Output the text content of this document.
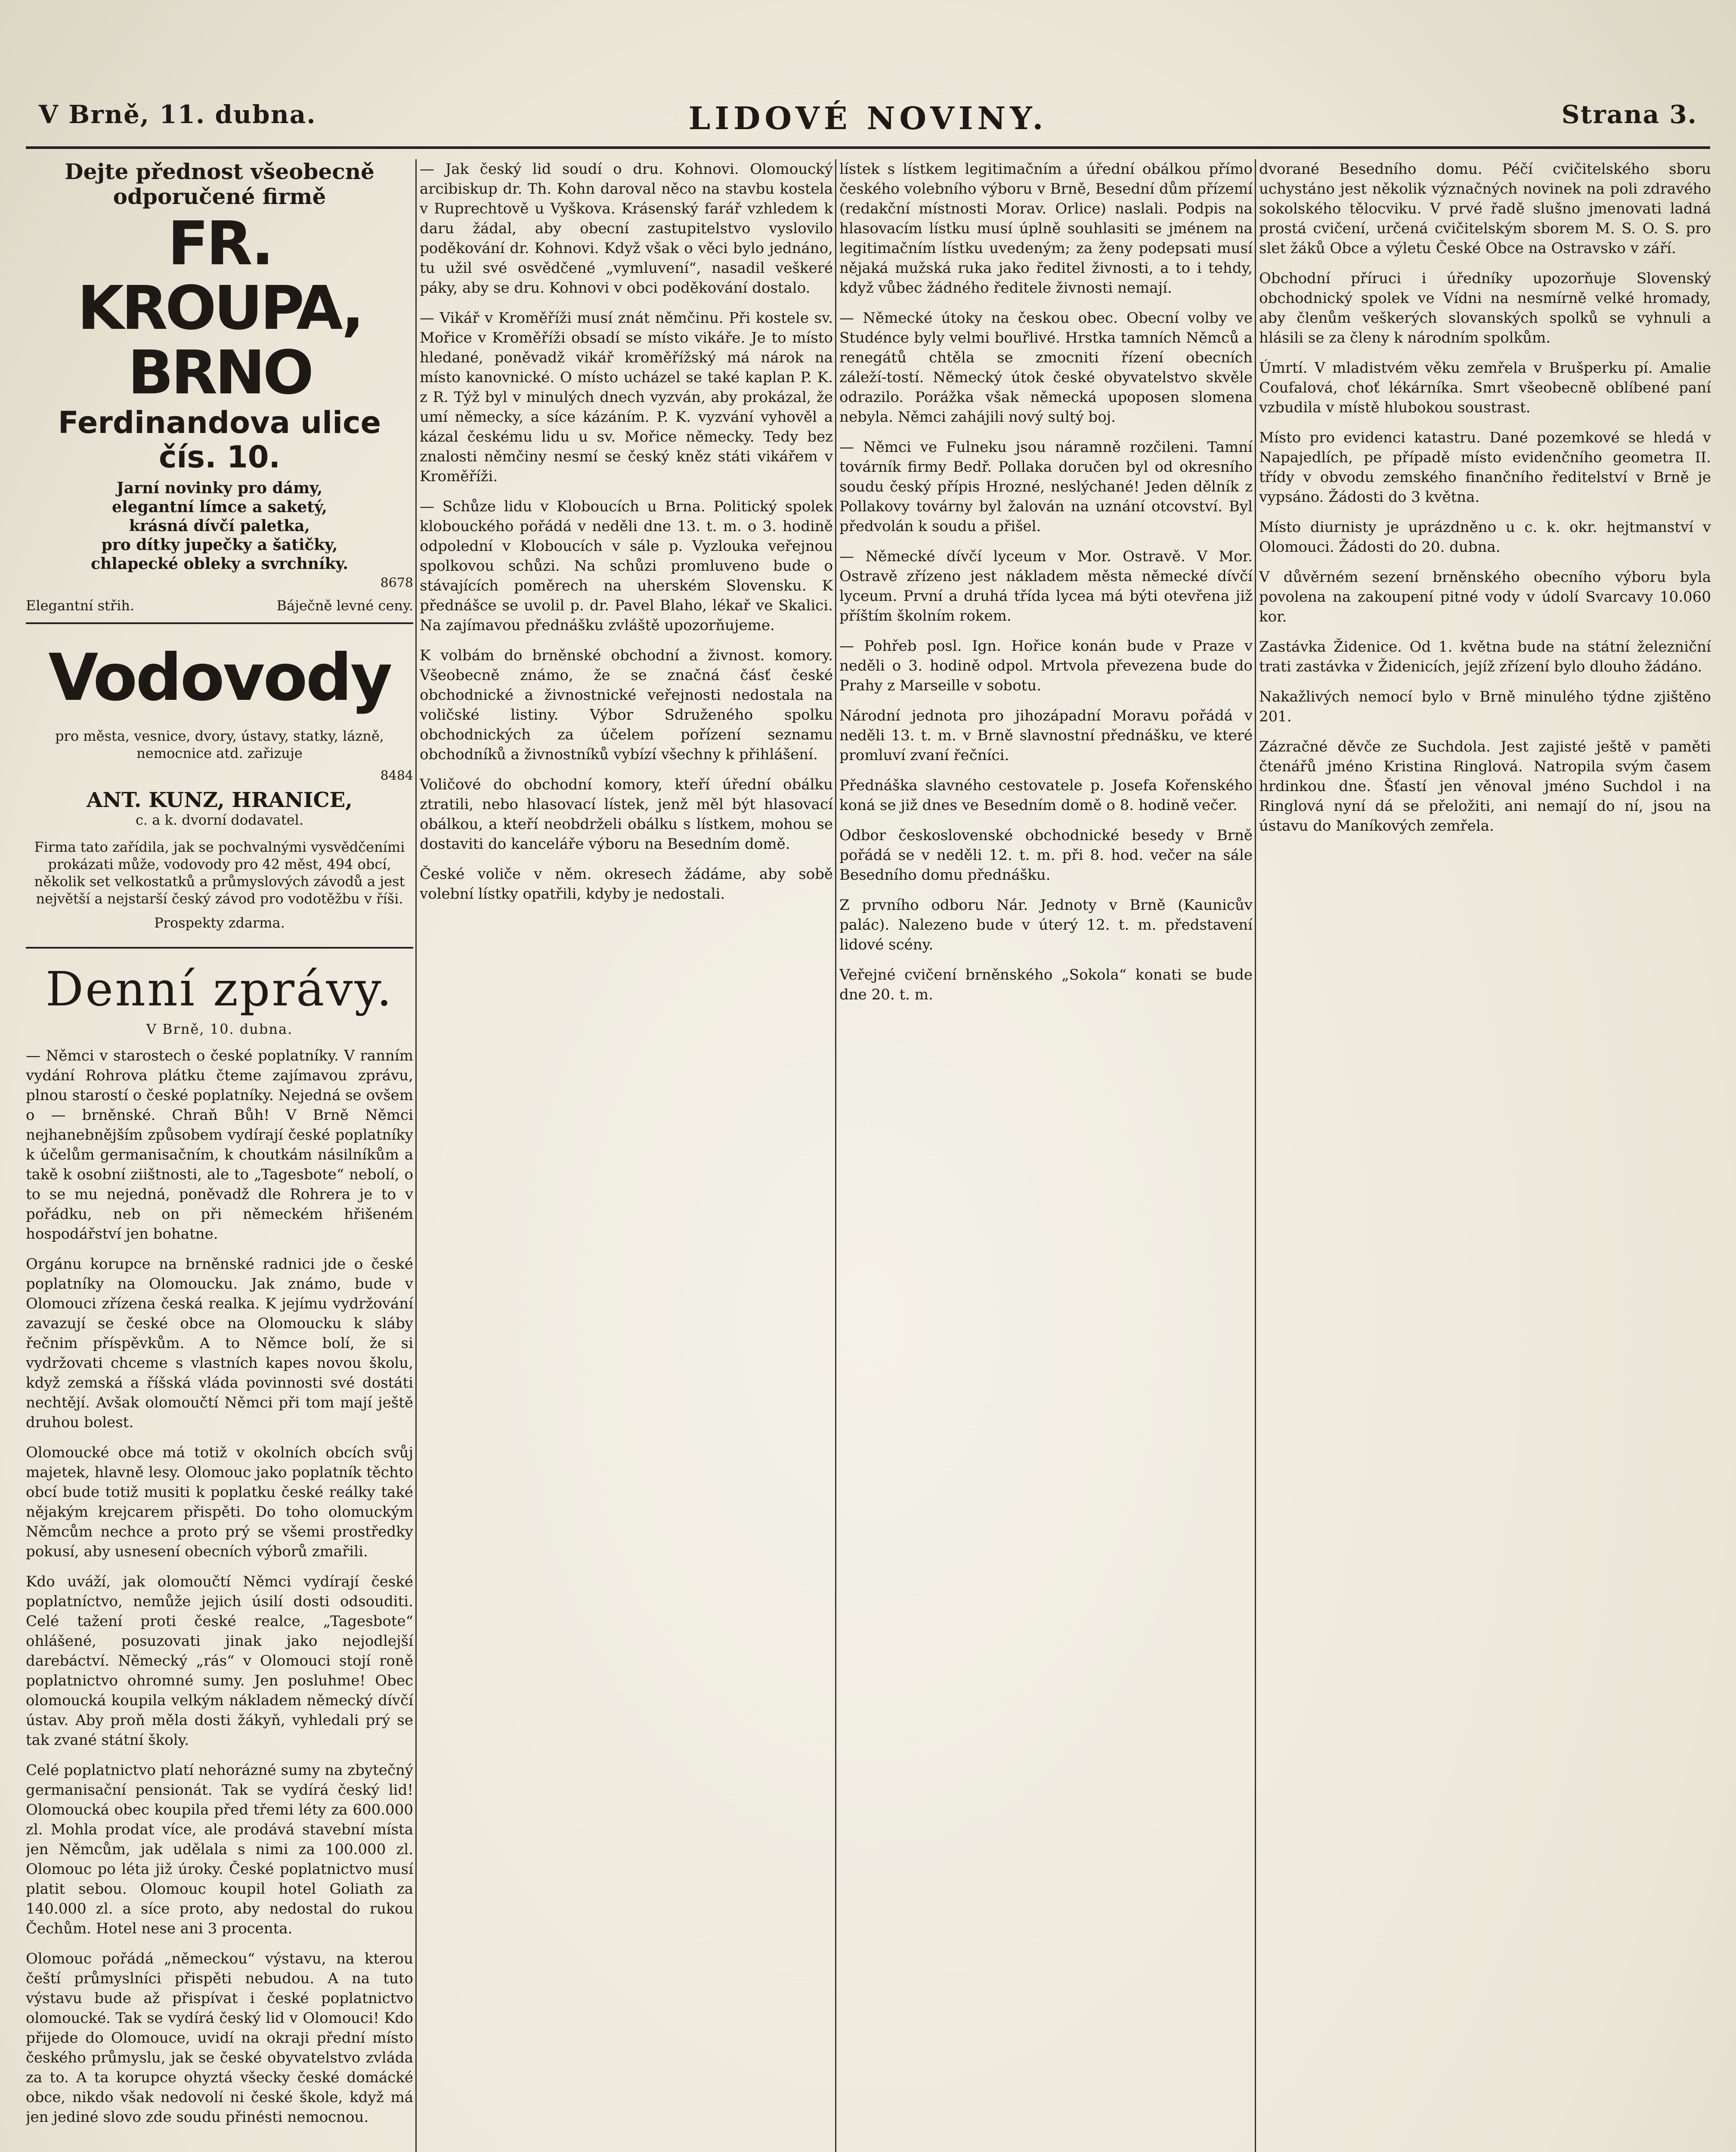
V Brně, 11. dubna.	LIDOVÉ NOVINY.	Strana 3.

Dejte přednost všeobecně odporučené firmě

FR. KROUPA, BRNO

Ferdinandova ulice čís. 10.

Jarní novinky pro dámy,

elegantní límce a saketý,

krásná dívčí paletka,

pro dítky jupečky a šatičky,

chlapecké obleky a svrchníky.

8678

Elegantní střih.	Báječně levné ceny.

Vodovody

pro města, vesnice, dvory, ústavy, statky, lázně, nemocnice atd. zařizuje

8484

ANT. KUNZ, HRANICE,

c. a k. dvorní dodavatel.

Firma tato zařídila, jak se pochvalnými vysvědčeními prokázati může, vodovody pro 42 měst, 494 obcí, několik set velkostatků a průmyslových závodů a jest největší a nejstarší český závod pro vodotěžbu v říši.

Prospekty zdarma.

Denní zprávy.
V Brně, 10. dubna.

— Němci v starostech o české poplatníky. V ranním vydání Rohrova plátku čteme zajímavou zprávu, plnou starostí o české poplatníky. Nejedná se ovšem o — brněnské. Chraň Bůh! V Brně Němci nejhanebnějším způsobem vydírají české poplatníky k účelům germanisačním, k choutkám násilníkům a takě k osobní ziištnosti, ale to „Tagesbote“ nebolí, o to se mu nejedná, poněvadž dle Rohrera je to v pořádku, neb on při německém hřišeném hospodářství jen bohatne.

Orgánu korupce na brněnské radnici jde o české poplatníky na Olomoucku. Jak známo, bude v Olomouci zřízena česká realka. K jejímu vydržování zavazují se české obce na Olomoucku k sláby řečnim příspěvkům. A to Němce bolí, že si vydržovati chceme s vlastních kapes novou školu, když zemská a říšská vláda povinnosti své dostáti nechtějí. Avšak olomoučtí Němci při tom mají ještě druhou bolest.

Olomoucké obce má totiž v okolních obcích svůj majetek, hlavně lesy. Olomouc jako poplatník těchto obcí bude totiž musiti k poplatku české reálky také nějakým krejcarem přispěti. Do toho olomuckým Němcům nechce a proto prý se všemi prostředky pokusí, aby usnesení obecních výborů zmařili.

Kdo uváží, jak olomoučtí Němci vydírají české poplatníctvo, nemůže jejich úsilí dosti odsouditi. Celé tažení proti české realce, „Tagesbote“ ohlášené, posuzovati jinak jako nejodlejší darebáctví. Německý „rás“ v Olomouci stojí roně poplatnictvo ohromné sumy. Jen posluhme! Obec olomoucká koupila velkým nákladem německý dívčí ústav. Aby proň měla dosti žákyň, vyhledali prý se tak zvané státní školy.

Celé poplatnictvo platí nehorázné sumy na zbytečný germanisační pensionát. Tak se vydírá český lid! Olomoucká obec koupila před třemi léty za 600.000 zl. Mohla prodat více, ale prodává stavební místa jen Němcům, jak udělala s nimi za 100.000 zl. Olomouc po léta již úroky. České poplatnictvo musí platit sebou. Olomouc koupil hotel Goliath za 140.000 zl. a síce proto, aby nedostal do rukou Čechům. Hotel nese ani 3 procenta.

Olomouc pořádá „německou“ výstavu, na kterou čeští průmyslníci přispěti nebudou. A na tuto výstavu bude až přispívat i české poplatnictvo olomoucké. Tak se vydírá český lid v Olomouci! Kdo přijede do Olomouce, uvidí na okraji přední místo českého průmyslu, jak se české obyvatelstvo zvláda za to. A ta korupce ohyztá všecky české domácké obce, nikdo však nedovolí ni české škole, když má jen jediné slovo zde soudu přinésti nemocnou.

— Jak český lid soudí o dru. Kohnovi. Olomoucký arcibiskup dr. Th. Kohn daroval něco na stavbu kostela v Ruprechtově u Vyškova. Krásenský farář vzhledem k daru žádal, aby obecní zastupitelstvo vyslovilo poděkování dr. Kohnovi. Když však o věci bylo jednáno, tu užil své osvědčené „vymluvení“, nasadil veškeré páky, aby se dru. Kohnovi v obci poděkování dostalo.

— Vikář v Kroměříži musí znát němčinu. Při kostele sv. Mořice v Kroměříži obsadí se místo vikáře. Je to místo hledané, poněvadž vikář kroměřížský má nárok na místo kanovnické. O místo ucházel se také kaplan P. K. z R. Týž byl v minulých dnech vyzván, aby prokázal, že umí německy, a síce kázáním. P. K. vyzvání vyhověl a kázal českému lidu u sv. Mořice německy. Tedy bez znalosti němčiny nesmí se český kněz státi vikářem v Kroměříži.

— Schůze lidu v Kloboucích u Brna. Politický spolek klobouckého pořádá v neděli dne 13. t. m. o 3. hodině odpolední v Kloboucích v sále p. Vyzlouka veřejnou spolkovou schůzi. Na schůzi promluveno bude o stávajících poměrech na uherském Slovensku. K přednášce se uvolil p. dr. Pavel Blaho, lékař ve Skalici. Na zajímavou přednášku zvláště upozorňujeme.

K volbám do brněnské obchodní a živnost. komory. Všeobecně známo, že se značná čásť české obchodnické a živnostnické veřejnosti nedostala na voličské listiny. Výbor Sdruženého spolku obchodnických za účelem pořízení seznamu obchodníků a živnostníků vybízí všechny k přihlášení.

Voličové do obchodní komory, kteří úřední obálku ztratili, nebo hlasovací lístek, jenž měl být hlasovací obálkou, a kteří neobdrželi obálku s lístkem, mohou se dostaviti do kanceláře výboru na Besedním domě.

České voliče v něm. okresech žádáme, aby sobě volební lístky opatřili, kdyby je nedostali.

lístek s lístkem legitimačním a úřední obálkou přímo českého volebního výboru v Brně, Besední dům přízemí (redakční místnosti Morav. Orlice) naslali. Podpis na hlasovacím lístku musí úplně souhlasiti se jménem na legitimačním lístku uvedeným; za ženy podepsati musí nějaká mužská ruka jako ředitel živnosti, a to i tehdy, když vůbec žádného ředitele živnosti nemají.

— Německé útoky na českou obec. Obecní volby ve Studénce byly velmi bouřlivé. Hrstka tamních Němců a renegátů chtěla se zmocniti řízení obecních záleží‑tostí. Německý útok české obyvatelstvo skvěle odrazilo. Porážka však německá upoposen slomena nebyla. Němci zahájili nový sultý boj.

— Němci ve Fulneku jsou náramně rozčileni. Tamní továrník firmy Bedř. Pollaka doručen byl od okresního soudu český přípis Hrozné, neslýchané! Jeden dělník z Pollakovy továrny byl žalován na uznání otcovství. Byl předvolán k soudu a přišel.

— Německé dívčí lyceum v Mor. Ostravě. V Mor. Ostravě zřízeno jest nákladem města německé dívčí lyceum. První a druhá třída lycea má býti otevřena již příštím školním rokem.

— Pohřeb posl. Ign. Hořice konán bude v Praze v neděli o 3. hodině odpol. Mrtvola převezena bude do Prahy z Marseille v sobotu.

Národní jednota pro jihozápadní Moravu pořádá v neděli 13. t. m. v Brně slavnostní přednášku, ve které promluví zvaní řečníci.

Přednáška slavného cestovatele p. Josefa Kořenského koná se již dnes ve Besedním domě o 8. hodině večer.

Odbor československé obchodnické besedy v Brně pořádá se v neděli 12. t. m. při 8. hod. večer na sále Besedního domu přednášku.

Z prvního odboru Nár. Jednoty v Brně (Kaunicův palác). Nalezeno bude v úterý 12. t. m. představení lidové scény.

Veřejné cvičení brněnského „Sokola“ konati se bude dne 20. t. m.

dvorané Besedního domu. Péčí cvičitelského sboru uchystáno jest několik význačných novinek na poli zdravého sokolského tělocviku. V prvé řadě slušno jmenovati ladná prostá cvičení, určená cvičitelským sborem M. S. O. S. pro slet žáků Obce a výletu České Obce na Ostravsko v září.

Obchodní příruci i úředníky upozorňuje Slovenský obchodnický spolek ve Vídni na nesmírně velké hromady, aby členům veškerých slovanských spolků se vyhnuli a hlásili se za členy k národním spolkům.

Úmrtí. V mladistvém věku zemřela v Brušperku pí. Amalie Coufalová, choť lékárníka. Smrt všeobecně oblíbené paní vzbudila v místě hlubokou soustrast.

Místo pro evidenci katastru. Dané pozemkové se hledá v Napajedlích, pe případě místo evidenčního geometra II. třídy v obvodu zemského finančního ředitelství v Brně je vypsáno. Žádosti do 3 května.

Místo diurnisty je uprázdněno u c. k. okr. hejtmanství v Olomouci. Žádosti do 20. dubna.

V důvěrném sezení brněnského obecního výboru byla povolena na zakoupení pitné vody v údolí Svarcavy 10.060 kor.

Zastávka Židenice. Od 1. května bude na státní železniční trati zastávka v Židenicích, jejíž zřízení bylo dlouho žádáno.

Nakažlivých nemocí bylo v Brně minulého týdne zjištěno 201.

Zázračné děvče ze Suchdola. Jest zajisté ještě v paměti čtenářů jméno Kristina Ringlová. Natropila svým časem hrdinkou dne. Šťastí jen věnoval jméno Suchdol i na Ringlová nyní dá se přeložiti, ani nemají do ní, jsou na ústavu do Maníkových zemřela.
